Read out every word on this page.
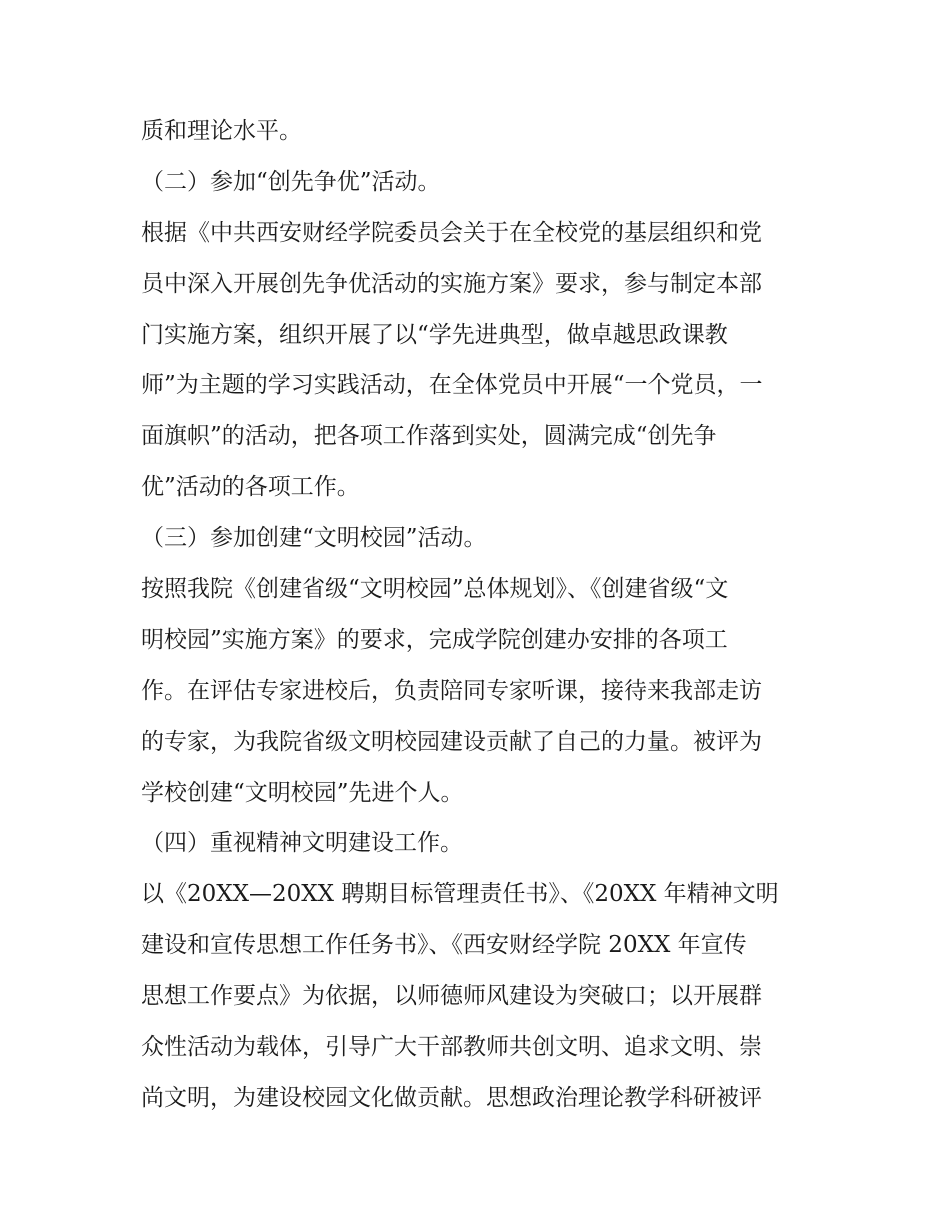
质和理论水平。
（二）参加“创先争优”活动。
根据《中共西安财经学院委员会关于在全校党的基层组织和党
员中深入开展创先争优活动的实施方案》要求，参与制定本部
门实施方案，组织开展了以“学先进典型，做卓越思政课教
师”为主题的学习实践活动，在全体党员中开展“一个党员，一
面旗帜”的活动，把各项工作落到实处，圆满完成“创先争
优”活动的各项工作。
（三）参加创建“文明校园”活动。
按照我院《创建省级“文明校园”总体规划》、《创建省级“文
明校园”实施方案》的要求，完成学院创建办安排的各项工
作。在评估专家进校后，负责陪同专家听课，接待来我部走访
的专家，为我院省级文明校园建设贡献了自己的力量。被评为
学校创建“文明校园”先进个人。
（四）重视精神文明建设工作。
以《20XX—20XX 聘期目标管理责任书》、《20XX 年精神文明
建设和宣传思想工作任务书》、《西安财经学院 20XX 年宣传
思想工作要点》为依据，以师德师风建设为突破口；以开展群
众性活动为载体，引导广大干部教师共创文明、追求文明、崇
尚文明，为建设校园文化做贡献。思想政治理论教学科研被评
